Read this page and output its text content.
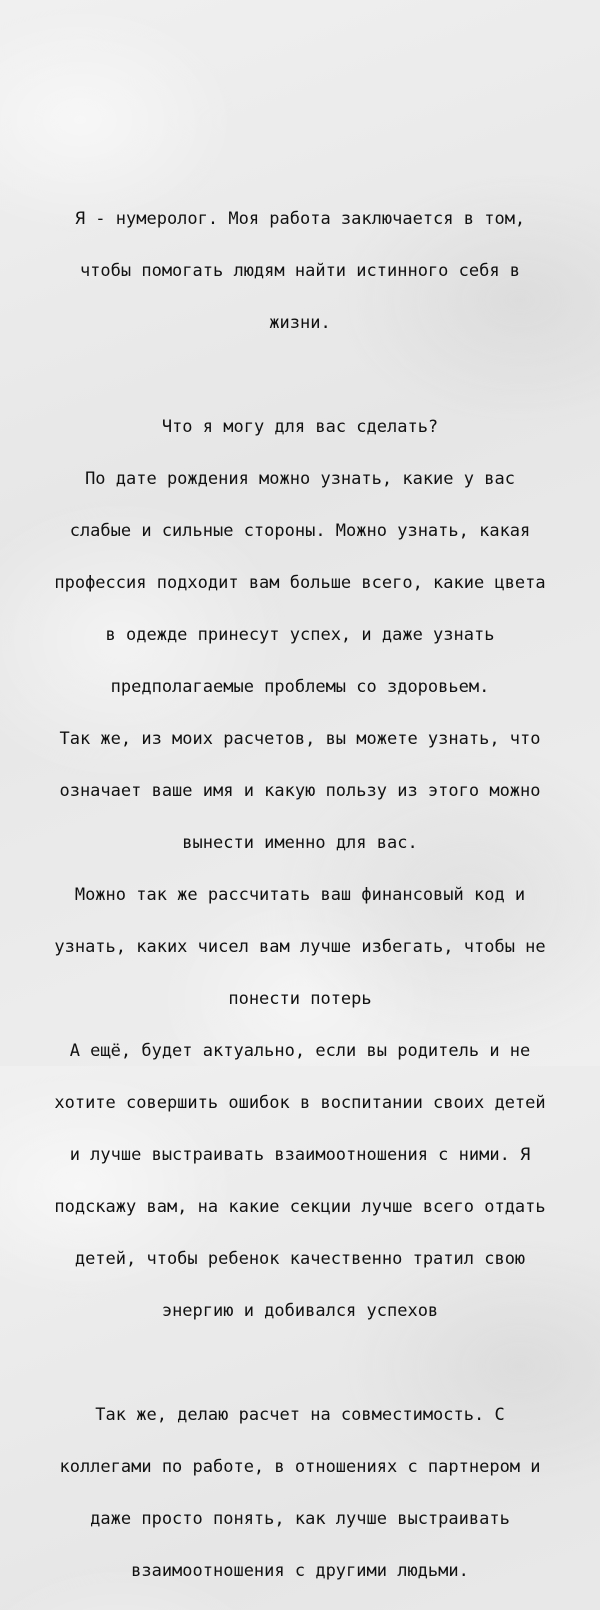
Я - нумеролог. Моя работа заключается в том,

чтобы помогать людям найти истинного себя в

жизни.

Что я могу для вас сделать?

По дате рождения можно узнать, какие у вас

слабые и сильные стороны. Можно узнать, какая

профессия подходит вам больше всего, какие цвета

в одежде принесут успех, и даже узнать

предполагаемые проблемы со здоровьем.

Так же, из моих расчетов, вы можете узнать, что

означает ваше имя и какую пользу из этого можно

вынести именно для вас.

Можно так же рассчитать ваш финансовый код и

узнать, каких чисел вам лучше избегать, чтобы не

понести потерь

А ещё, будет актуально, если вы родитель и не

хотите совершить ошибок в воспитании своих детей

и лучше выстраивать взаимоотношения с ними. Я

подскажу вам, на какие секции лучше всего отдать

детей, чтобы ребенок качественно тратил свою

энергию и добивался успехов

Так же, делаю расчет на совместимость. С

коллегами по работе, в отношениях с партнером и

даже просто понять, как лучше выстраивать

взаимоотношения с другими людьми.
